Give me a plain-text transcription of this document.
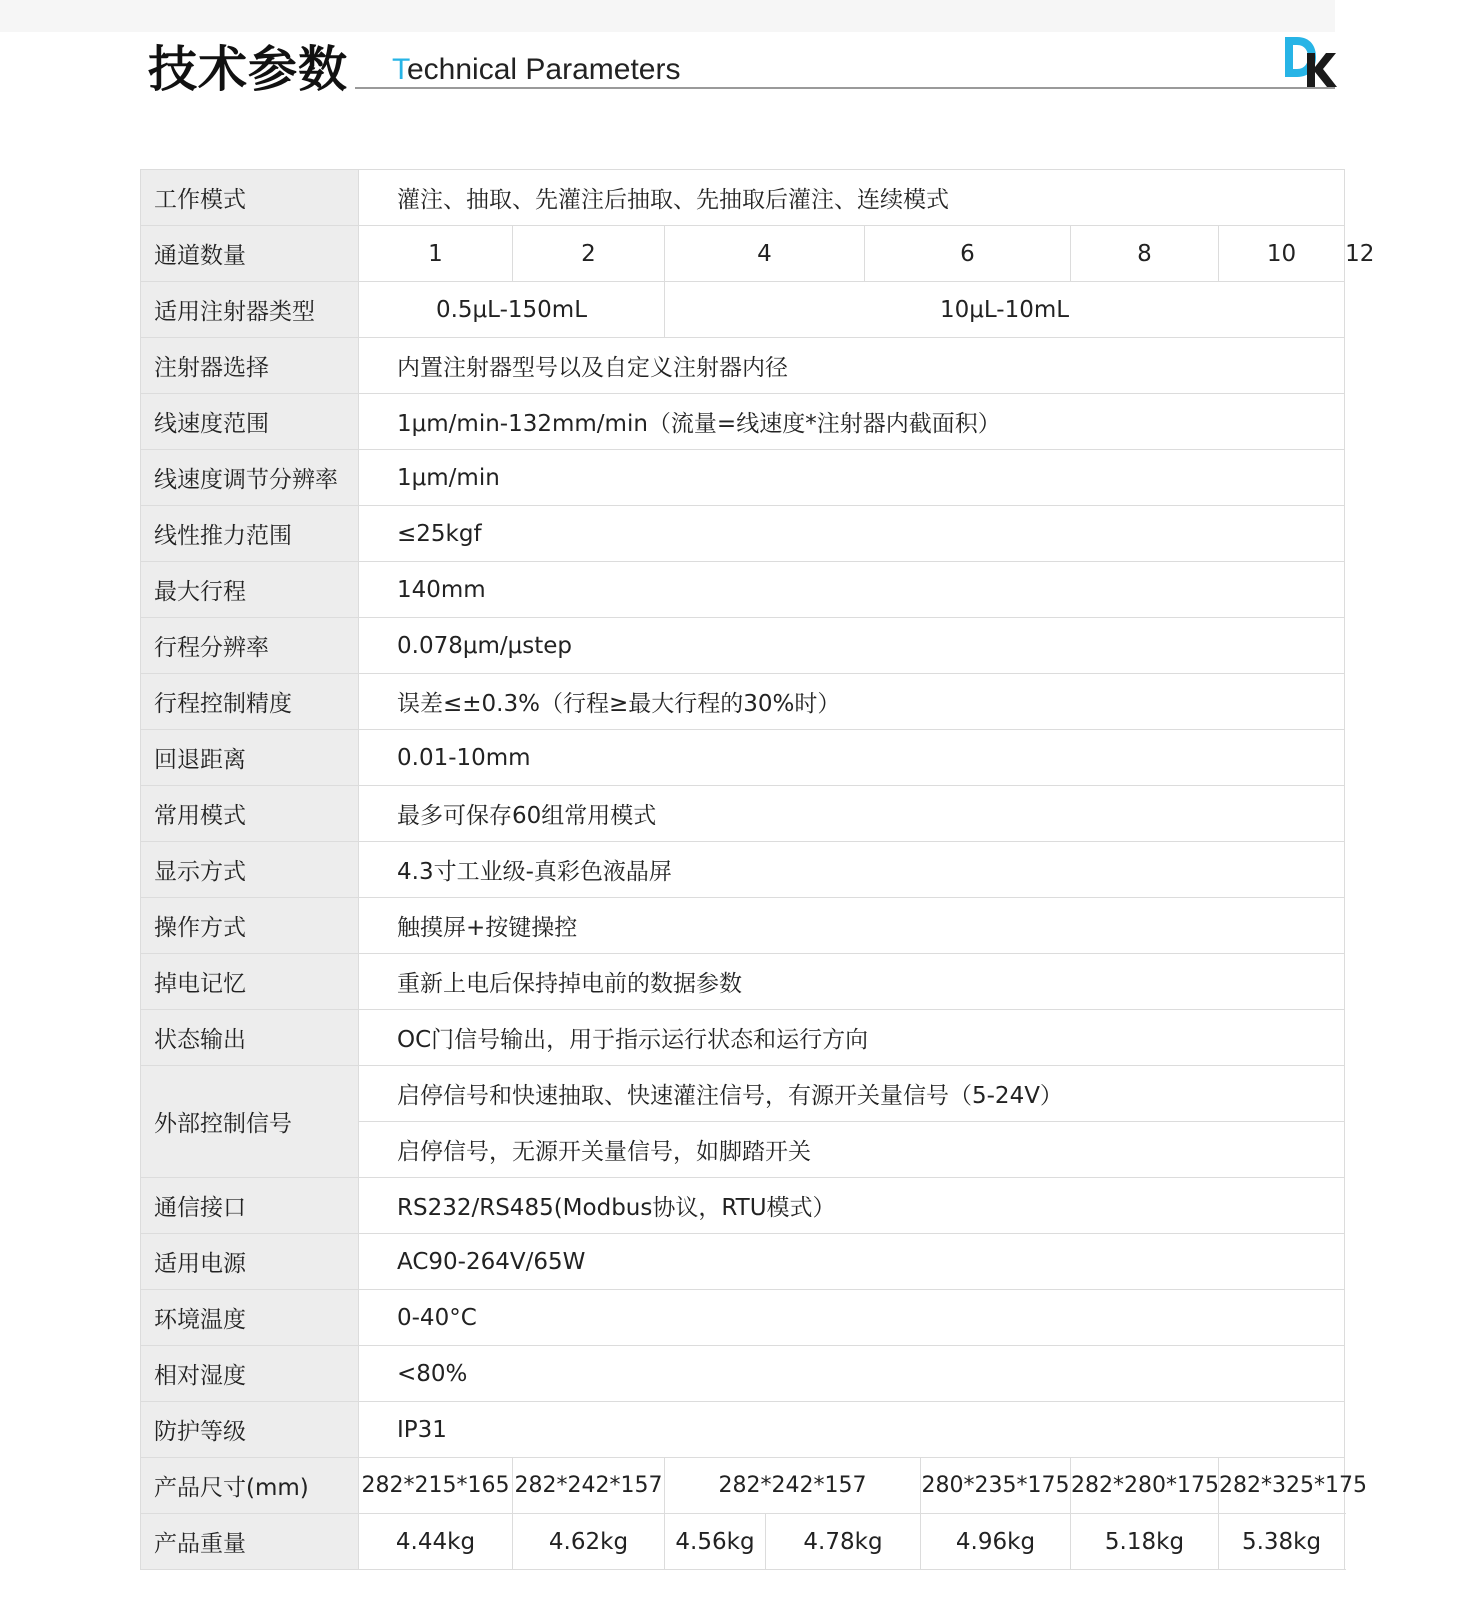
技术参数 Technical Parameters
DK
工作模式	灌注、抽取、先灌注后抽取、先抽取后灌注、连续模式								
通道数量	1	2	4		6		8	10	12
适用注射器类型	0.5μL-150mL		10μL-10mL						
注射器选择	内置注射器型号以及自定义注射器内径								
线速度范围	1μm/min-132mm/min（流量=线速度*注射器内截面积）								
线速度调节分辨率	1μm/min								
线性推力范围	≤25kgf								
最大行程	140mm								
行程分辨率	0.078μm/μstep								
行程控制精度	误差≤±0.3%（行程≥最大行程的30%时）								
回退距离	0.01-10mm								
常用模式	最多可保存60组常用模式								
显示方式	4.3寸工业级-真彩色液晶屏								
操作方式	触摸屏+按键操控								
掉电记忆	重新上电后保持掉电前的数据参数								
状态输出	OC门信号输出，用于指示运行状态和运行方向								
外部控制信号	启停信号和快速抽取、快速灌注信号，有源开关量信号（5-24V）								
	启停信号，无源开关量信号，如脚踏开关								
通信接口	RS232/RS485(Modbus协议，RTU模式）								
适用电源	AC90-264V/65W								
环境温度	0-40°C								
相对湿度	<80%								
防护等级	IP31								
产品尺寸(mm)	282*215*165	282*242*157	282*242*157			280*235*175	282*280*175	282*325*175	
产品重量	4.44kg	4.62kg	4.56kg	4.78kg		4.96kg	5.18kg	5.38kg	
